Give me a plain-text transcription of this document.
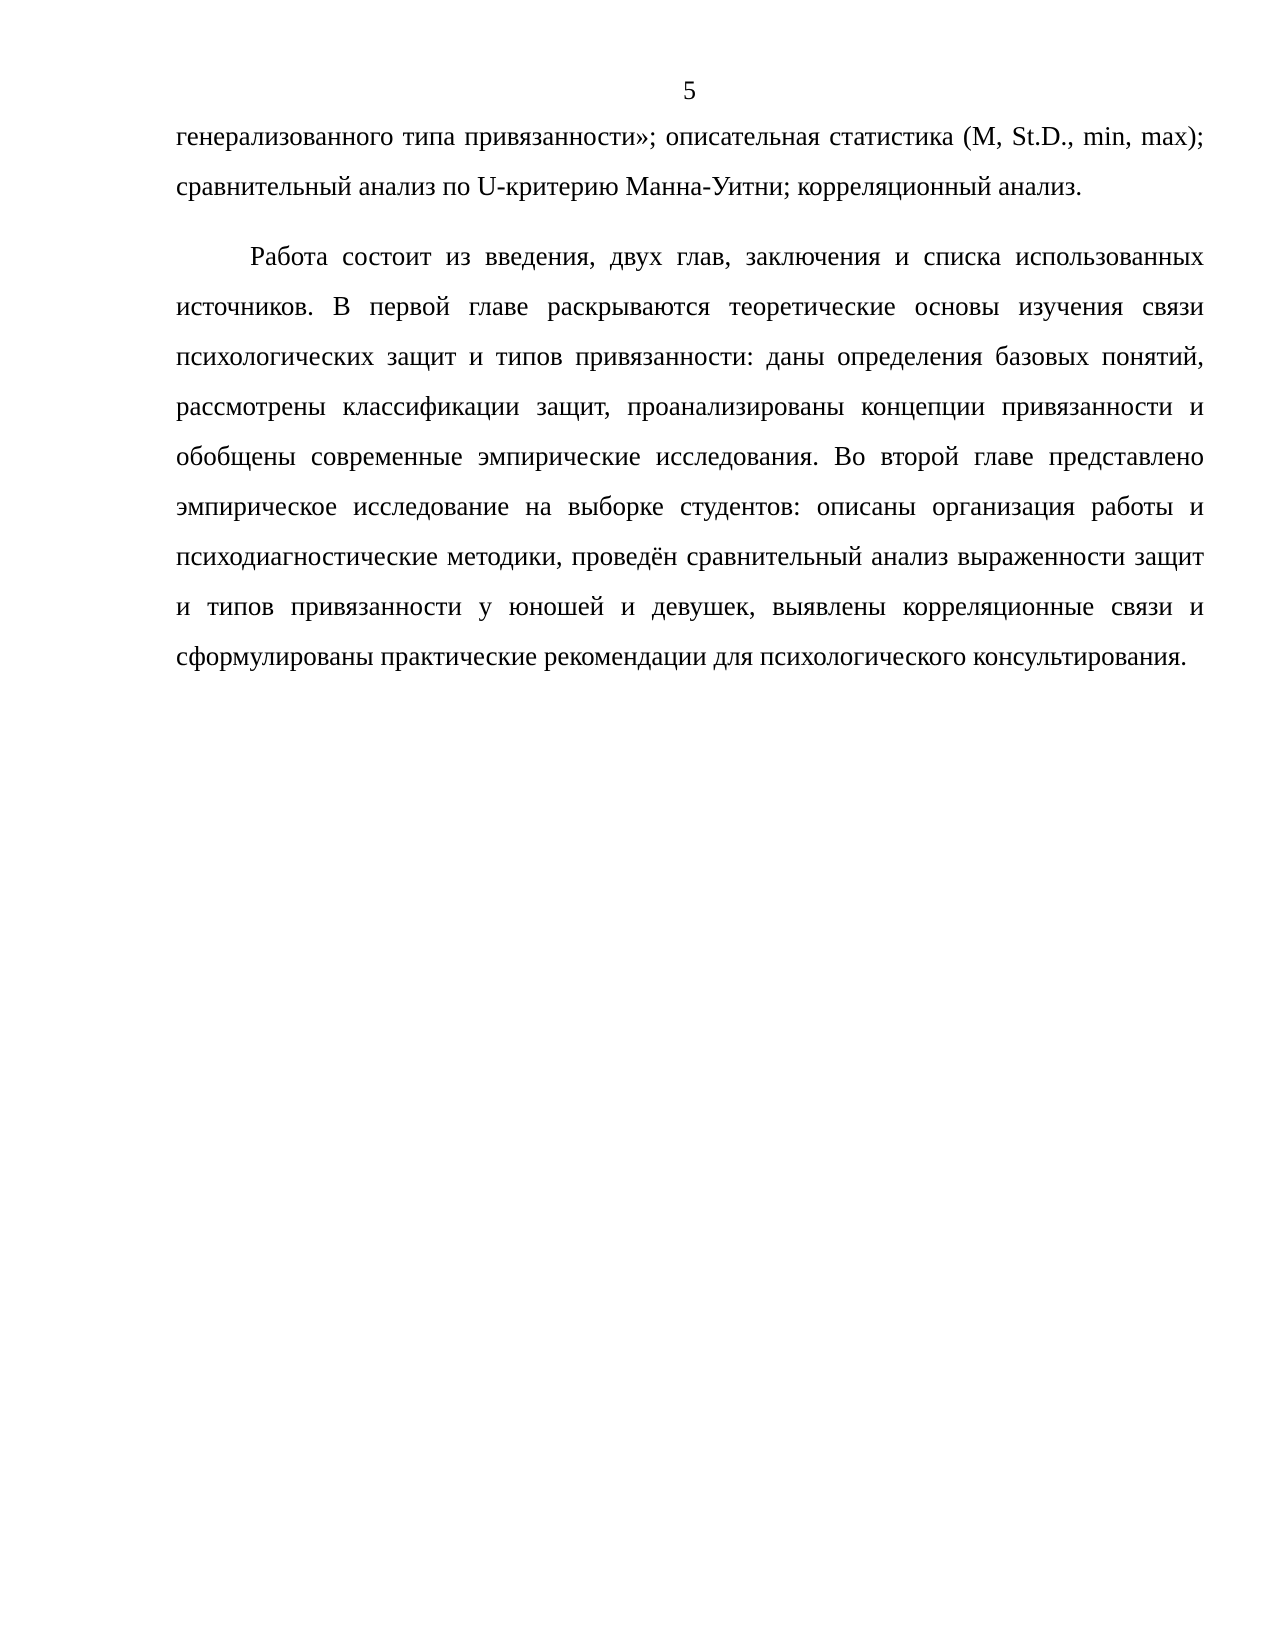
5

генерализованного типа привязанности»; описательная статистика (M, St.D., min, max); сравнительный анализ по U-критерию Манна-Уитни; корреляционный анализ.

Работа состоит из введения, двух глав, заключения и списка использованных источников. В первой главе раскрываются теоретические основы изучения связи психологических защит и типов привязанности: даны определения базовых понятий, рассмотрены классификации защит, проанализированы концепции привязанности и обобщены современные эмпирические исследования. Во второй главе представлено эмпирическое исследование на выборке студентов: описаны организация работы и психодиагностические методики, проведён сравнительный анализ выраженности защит и типов привязанности у юношей и девушек, выявлены корреляционные связи и сформулированы практические рекомендации для психологического консультирования.
